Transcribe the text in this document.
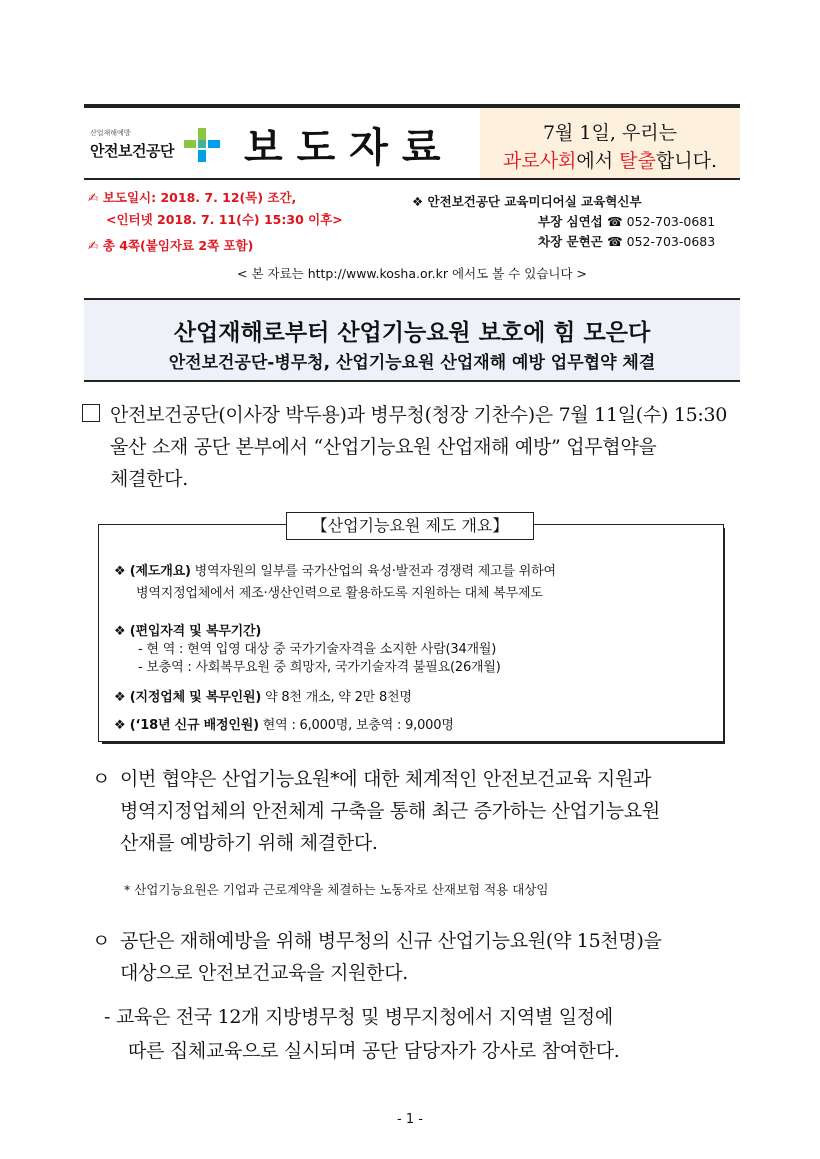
산업재해예방
안전보건공단 보도자료	7월 1일, 우리는
과로사회에서 탈출합니다.
✍ 보도일시: 2018. 7. 12(목) 조간,
<인터넷 2018. 7. 11(수) 15:30 이후>
✍ 총 4쪽(붙임자료 2쪽 포함)
❖ 안전보건공단 교육미디어실 교육혁신부
부장 심연섭 ☎ 052-703-0681
차장 문현곤 ☎ 052-703-0683
< 본 자료는 http://www.kosha.or.kr 에서도 볼 수 있습니다 >
산업재해로부터 산업기능요원 보호에 힘 모은다
안전보건공단-병무청, 산업기능요원 산업재해 예방 업무협약 체결
안전보건공단(이사장 박두용)과 병무청(청장 기찬수)은 7월 11일(수) 15:30
울산 소재 공단 본부에서 “산업기능요원 산업재해 예방” 업무협약을
체결한다.
【산업기능요원 제도 개요】
❖ (제도개요) 병역자원의 일부를 국가산업의 육성·발전과 경쟁력 제고를 위하여
병역지정업체에서 제조·생산인력으로 활용하도록 지원하는 대체 복무제도
❖ (편입자격 및 복무기간)
- 현 역 : 현역 입영 대상 중 국가기술자격을 소지한 사람(34개월)
- 보충역 : 사회복무요원 중 희망자, 국가기술자격 불필요(26개월)
❖ (지정업체 및 복무인원) 약 8천 개소, 약 2만 8천명
❖ (‘18년 신규 배정인원) 현역 : 6,000명, 보충역 : 9,000명
ㅇ 이번 협약은 산업기능요원*에 대한 체계적인 안전보건교육 지원과
병역지정업체의 안전체계 구축을 통해 최근 증가하는 산업기능요원
산재를 예방하기 위해 체결한다.
* 산업기능요원은 기업과 근로계약을 체결하는 노동자로 산재보험 적용 대상임
ㅇ 공단은 재해예방을 위해 병무청의 신규 산업기능요원(약 15천명)을
대상으로 안전보건교육을 지원한다.
- 교육은 전국 12개 지방병무청 및 병무지청에서 지역별 일정에
따른 집체교육으로 실시되며 공단 담당자가 강사로 참여한다.
- 1 -
